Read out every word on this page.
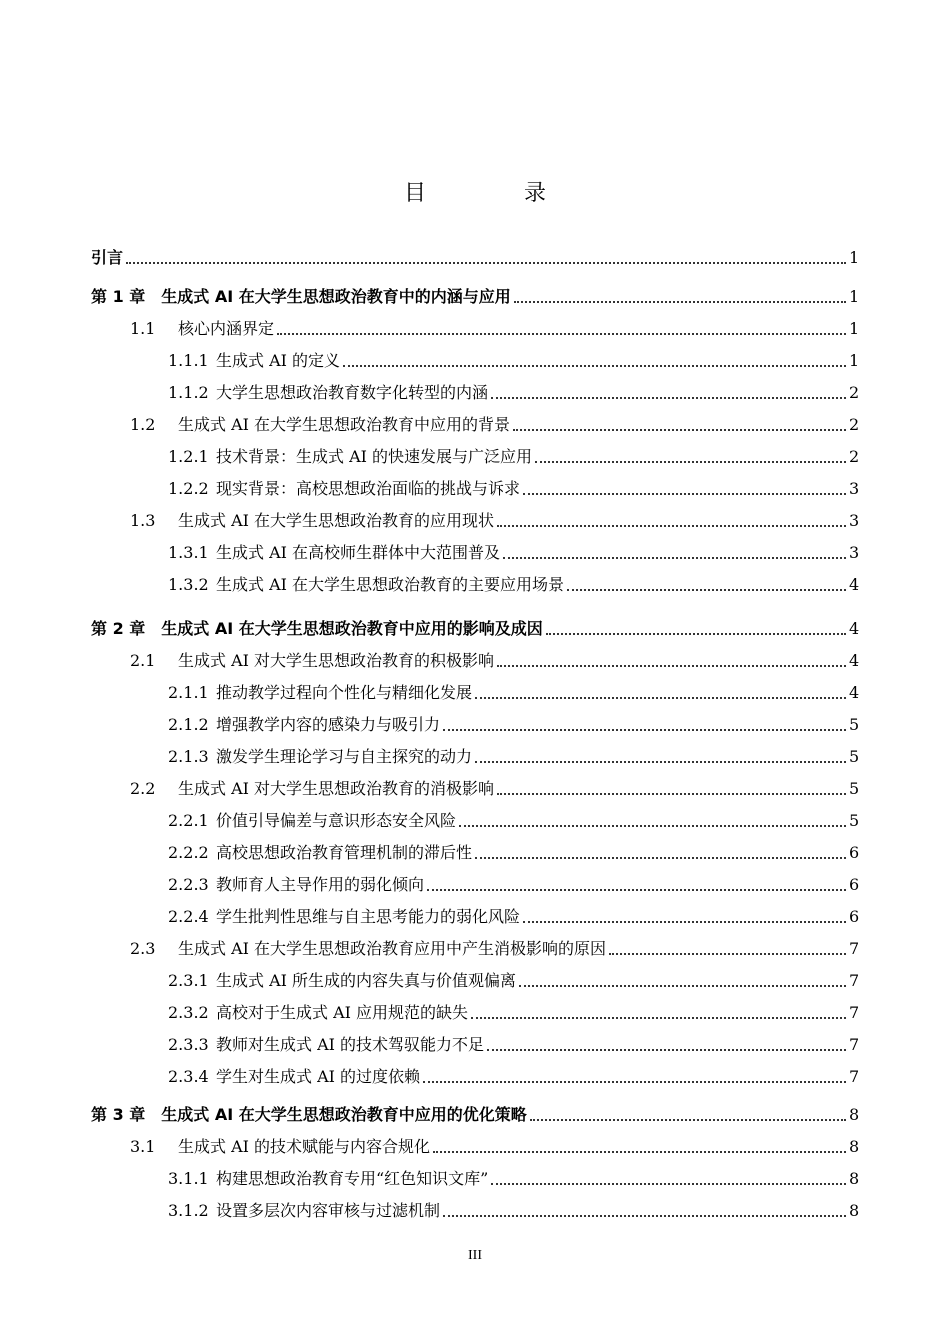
目　录
引言	1
第 1 章 生成式 AI 在大学生思想政治教育中的内涵与应用	1
1.1	核心内涵界定	1
1.1.1 生成式 AI 的定义	1
1.1.2 大学生思想政治教育数字化转型的内涵	2
1.2	生成式 AI 在大学生思想政治教育中应用的背景	2
1.2.1 技术背景：生成式 AI 的快速发展与广泛应用	2
1.2.2 现实背景：高校思想政治面临的挑战与诉求	3
1.3	生成式 AI 在大学生思想政治教育的应用现状	3
1.3.1 生成式 AI 在高校师生群体中大范围普及	3
1.3.2 生成式 AI 在大学生思想政治教育的主要应用场景	4
第 2 章 生成式 AI 在大学生思想政治教育中应用的影响及成因	4
2.1	生成式 AI 对大学生思想政治教育的积极影响	4
2.1.1 推动教学过程向个性化与精细化发展	4
2.1.2 增强教学内容的感染力与吸引力	5
2.1.3 激发学生理论学习与自主探究的动力	5
2.2	生成式 AI 对大学生思想政治教育的消极影响	5
2.2.1 价值引导偏差与意识形态安全风险	5
2.2.2 高校思想政治教育管理机制的滞后性	6
2.2.3 教师育人主导作用的弱化倾向	6
2.2.4 学生批判性思维与自主思考能力的弱化风险	6
2.3	生成式 AI 在大学生思想政治教育应用中产生消极影响的原因	7
2.3.1 生成式 AI 所生成的内容失真与价值观偏离	7
2.3.2 高校对于生成式 AI 应用规范的缺失	7
2.3.3 教师对生成式 AI 的技术驾驭能力不足	7
2.3.4 学生对生成式 AI 的过度依赖	7
第 3 章 生成式 AI 在大学生思想政治教育中应用的优化策略	8
3.1	生成式 AI 的技术赋能与内容合规化	8
3.1.1 构建思想政治教育专用“红色知识文库”	8
3.1.2 设置多层次内容审核与过滤机制	8
III
